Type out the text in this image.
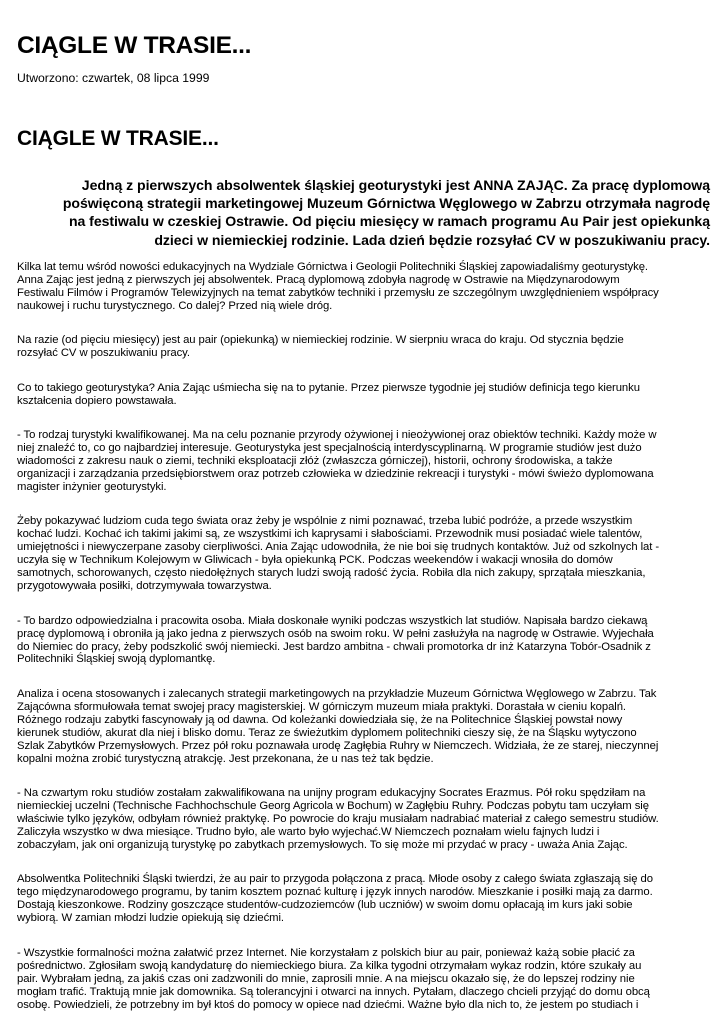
CIĄGLE W TRASIE...

Utworzono: czwartek, 08 lipca 1999

CIĄGLE W TRASIE...
Jedną z pierwszych absolwentek śląskiej geoturystyki jest ANNA ZAJĄC. Za pracę dyplomową
poświęconą strategii marketingowej Muzeum Górnictwa Węglowego w Zabrzu otrzymała nagrodę
na festiwalu w czeskiej Ostrawie. Od pięciu miesięcy w ramach programu Au Pair jest opiekunką
dzieci w niemieckiej rodzinie. Lada dzień będzie rozsyłać CV w poszukiwaniu pracy.
Kilka lat temu wśród nowości edukacyjnych na Wydziale Górnictwa i Geologii Politechniki Śląskiej zapowiadaliśmy geoturystykę.
Anna Zając jest jedną z pierwszych jej absolwentek. Pracą dyplomową zdobyła nagrodę w Ostrawie na Międzynarodowym
Festiwalu Filmów i Programów Telewizyjnych na temat zabytków techniki i przemysłu ze szczególnym uwzględnieniem współpracy
naukowej i ruchu turystycznego. Co dalej? Przed nią wiele dróg.
Na razie (od pięciu miesięcy) jest au pair (opiekunką) w niemieckiej rodzinie. W sierpniu wraca do kraju. Od stycznia będzie
rozsyłać CV w poszukiwaniu pracy.
Co to takiego geoturystyka? Ania Zając uśmiecha się na to pytanie. Przez pierwsze tygodnie jej studiów definicja tego kierunku
kształcenia dopiero powstawała.
- To rodzaj turystyki kwalifikowanej. Ma na celu poznanie przyrody ożywionej i nieożywionej oraz obiektów techniki. Każdy może w
niej znaleźć to, co go najbardziej interesuje. Geoturystyka jest specjalnością interdyscyplinarną. W programie studiów jest dużo
wiadomości z zakresu nauk o ziemi, techniki eksploatacji złóż (zwłaszcza górniczej), historii, ochrony środowiska, a także
organizacji i zarządzania przedsiębiorstwem oraz potrzeb człowieka w dziedzinie rekreacji i turystyki - mówi świeżo dyplomowana
magister inżynier geoturystyki.
Żeby pokazywać ludziom cuda tego świata oraz żeby je wspólnie z nimi poznawać, trzeba lubić podróże, a przede wszystkim
kochać ludzi. Kochać ich takimi jakimi są, ze wszystkimi ich kaprysami i słabościami. Przewodnik musi posiadać wiele talentów,
umiejętności i niewyczerpane zasoby cierpliwości. Ania Zając udowodniła, że nie boi się trudnych kontaktów. Już od szkolnych lat -
uczyła się w Technikum Kolejowym w Gliwicach - była opiekunką PCK. Podczas weekendów i wakacji wnosiła do domów
samotnych, schorowanych, często niedołężnych starych ludzi swoją radość życia. Robiła dla nich zakupy, sprzątała mieszkania,
przygotowywała posiłki, dotrzymywała towarzystwa.
- To bardzo odpowiedzialna i pracowita osoba. Miała doskonałe wyniki podczas wszystkich lat studiów. Napisała bardzo ciekawą
pracę dyplomową i obroniła ją jako jedna z pierwszych osób na swoim roku. W pełni zasłużyła na nagrodę w Ostrawie. Wyjechała
do Niemiec do pracy, żeby podszkolić swój niemiecki. Jest bardzo ambitna - chwali promotorka dr inż Katarzyna Tobór-Osadnik z
Politechniki Śląskiej swoją dyplomantkę.
Analiza i ocena stosowanych i zalecanych strategii marketingowych na przykładzie Muzeum Górnictwa Węglowego w Zabrzu. Tak
Zającówna sformułowała temat swojej pracy magisterskiej. W górniczym muzeum miała praktyki. Dorastała w cieniu kopalń.
Różnego rodzaju zabytki fascynowały ją od dawna. Od koleżanki dowiedziała się, że na Politechnice Śląskiej powstał nowy
kierunek studiów, akurat dla niej i blisko domu. Teraz ze świeżutkim dyplomem politechniki cieszy się, że na Śląsku wytyczono
Szlak Zabytków Przemysłowych. Przez pół roku poznawała urodę Zagłębia Ruhry w Niemczech. Widziała, że ze starej, nieczynnej
kopalni można zrobić turystyczną atrakcję. Jest przekonana, że u nas też tak będzie.
- Na czwartym roku studiów zostałam zakwalifikowana na unijny program edukacyjny Socrates Erazmus. Pół roku spędziłam na
niemieckiej uczelni (Technische Fachhochschule Georg Agricola w Bochum) w Zagłębiu Ruhry. Podczas pobytu tam uczyłam się
właściwie tylko języków, odbyłam również praktykę. Po powrocie do kraju musiałam nadrabiać materiał z całego semestru studiów.
Zaliczyła wszystko w dwa miesiące. Trudno było, ale warto było wyjechać.W Niemczech poznałam wielu fajnych ludzi i
zobaczyłam, jak oni organizują turystykę po zabytkach przemysłowych. To się może mi przydać w pracy - uważa Ania Zając.
Absolwentka Politechniki Śląski twierdzi, że au pair to przygoda połączona z pracą. Młode osoby z całego świata zgłaszają się do
tego międzynarodowego programu, by tanim kosztem poznać kulturę i język innych narodów. Mieszkanie i posiłki mają za darmo.
Dostają kieszonkowe. Rodziny goszczące studentów-cudzoziemców (lub uczniów) w swoim domu opłacają im kurs jaki sobie
wybiorą. W zamian młodzi ludzie opiekują się dziećmi.
- Wszystkie formalności można załatwić przez Internet. Nie korzystałam z polskich biur au pair, ponieważ każą sobie płacić za
pośrednictwo. Zgłosiłam swoją kandydaturę do niemieckiego biura. Za kilka tygodni otrzymałam wykaz rodzin, które szukały au
pair. Wybrałam jedną, za jakiś czas oni zadzwonili do mnie, zaprosili mnie. A na miejscu okazało się, że do lepszej rodziny nie
mogłam trafić. Traktują mnie jak domownika. Są tolerancyjni i otwarci na innych. Pytałam, dlaczego chcieli przyjąć do domu obcą
osobę. Powiedzieli, że potrzebny im był ktoś do pomocy w opiece nad dziećmi. Ważne było dla nich to, że jestem po studiach i
